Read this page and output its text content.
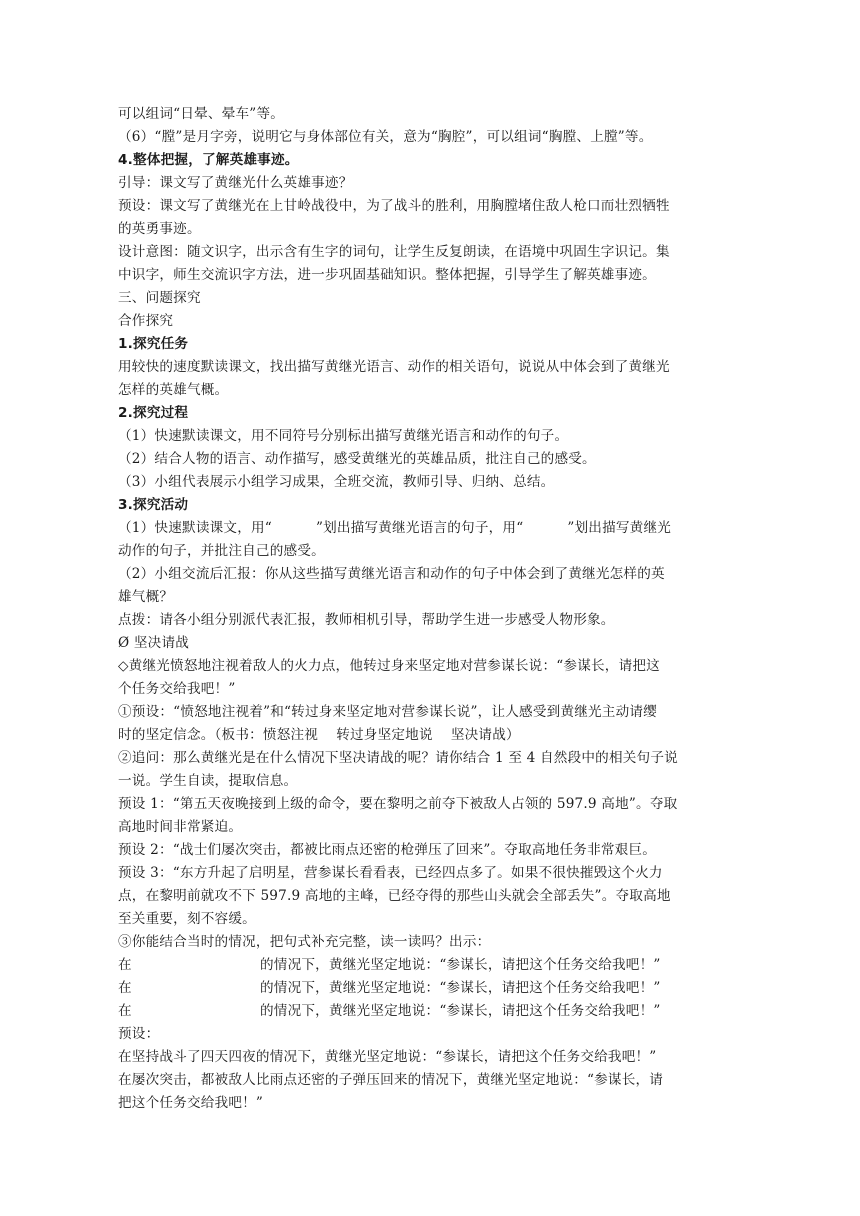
可以组词“日晕、晕车”等。
（6）“膛”是月字旁，说明它与身体部位有关，意为“胸腔”，可以组词“胸膛、上膛”等。
4.整体把握，了解英雄事迹。
引导：课文写了黄继光什么英雄事迹？
预设：课文写了黄继光在上甘岭战役中，为了战斗的胜利，用胸膛堵住敌人枪口而壮烈牺牲
的英勇事迹。
设计意图：随文识字，出示含有生字的词句，让学生反复朗读，在语境中巩固生字识记。集
中识字，师生交流识字方法，进一步巩固基础知识。整体把握，引导学生了解英雄事迹。
三、问题探究
合作探究
1.探究任务
用较快的速度默读课文，找出描写黄继光语言、动作的相关语句，说说从中体会到了黄继光
怎样的英雄气概。
2.探究过程
（1）快速默读课文，用不同符号分别标出描写黄继光语言和动作的句子。
（2）结合人物的语言、动作描写，感受黄继光的英雄品质，批注自己的感受。
（3）小组代表展示小组学习成果，全班交流，教师引导、归纳、总结。
3.探究活动
（1）快速默读课文，用“	”划出描写黄继光语言的句子，用“	”划出描写黄继光
动作的句子，并批注自己的感受。
（2）小组交流后汇报：你从这些描写黄继光语言和动作的句子中体会到了黄继光怎样的英
雄气概？
点拨：请各小组分别派代表汇报，教师相机引导，帮助学生进一步感受人物形象。
Ø 坚决请战
◇黄继光愤怒地注视着敌人的火力点，他转过身来坚定地对营参谋长说：“参谋长，请把这
个任务交给我吧！”
①预设：“愤怒地注视着”和“转过身来坚定地对营参谋长说”，让人感受到黄继光主动请缨
时的坚定信念。（板书：愤怒注视    转过身坚定地说    坚决请战）
②追问：那么黄继光是在什么情况下坚决请战的呢？请你结合 1 至 4 自然段中的相关句子说
一说。学生自读，提取信息。
预设 1：“第五天夜晚接到上级的命令，要在黎明之前夺下被敌人占领的 597.9 高地”。夺取
高地时间非常紧迫。
预设 2：“战士们屡次突击，都被比雨点还密的枪弹压了回来”。夺取高地任务非常艰巨。
预设 3：“东方升起了启明星，营参谋长看看表，已经四点多了。如果不很快摧毁这个火力
点，在黎明前就攻不下 597.9 高地的主峰，已经夺得的那些山头就会全部丢失”。夺取高地
至关重要，刻不容缓。
③你能结合当时的情况，把句式补充完整，读一读吗？出示：
在	的情况下，黄继光坚定地说：“参谋长，请把这个任务交给我吧！”
在	的情况下，黄继光坚定地说：“参谋长，请把这个任务交给我吧！”
在	的情况下，黄继光坚定地说：“参谋长，请把这个任务交给我吧！”
预设：
在坚持战斗了四天四夜的情况下，黄继光坚定地说：“参谋长，请把这个任务交给我吧！”
在屡次突击，都被敌人比雨点还密的子弹压回来的情况下，黄继光坚定地说：“参谋长，请
把这个任务交给我吧！”
